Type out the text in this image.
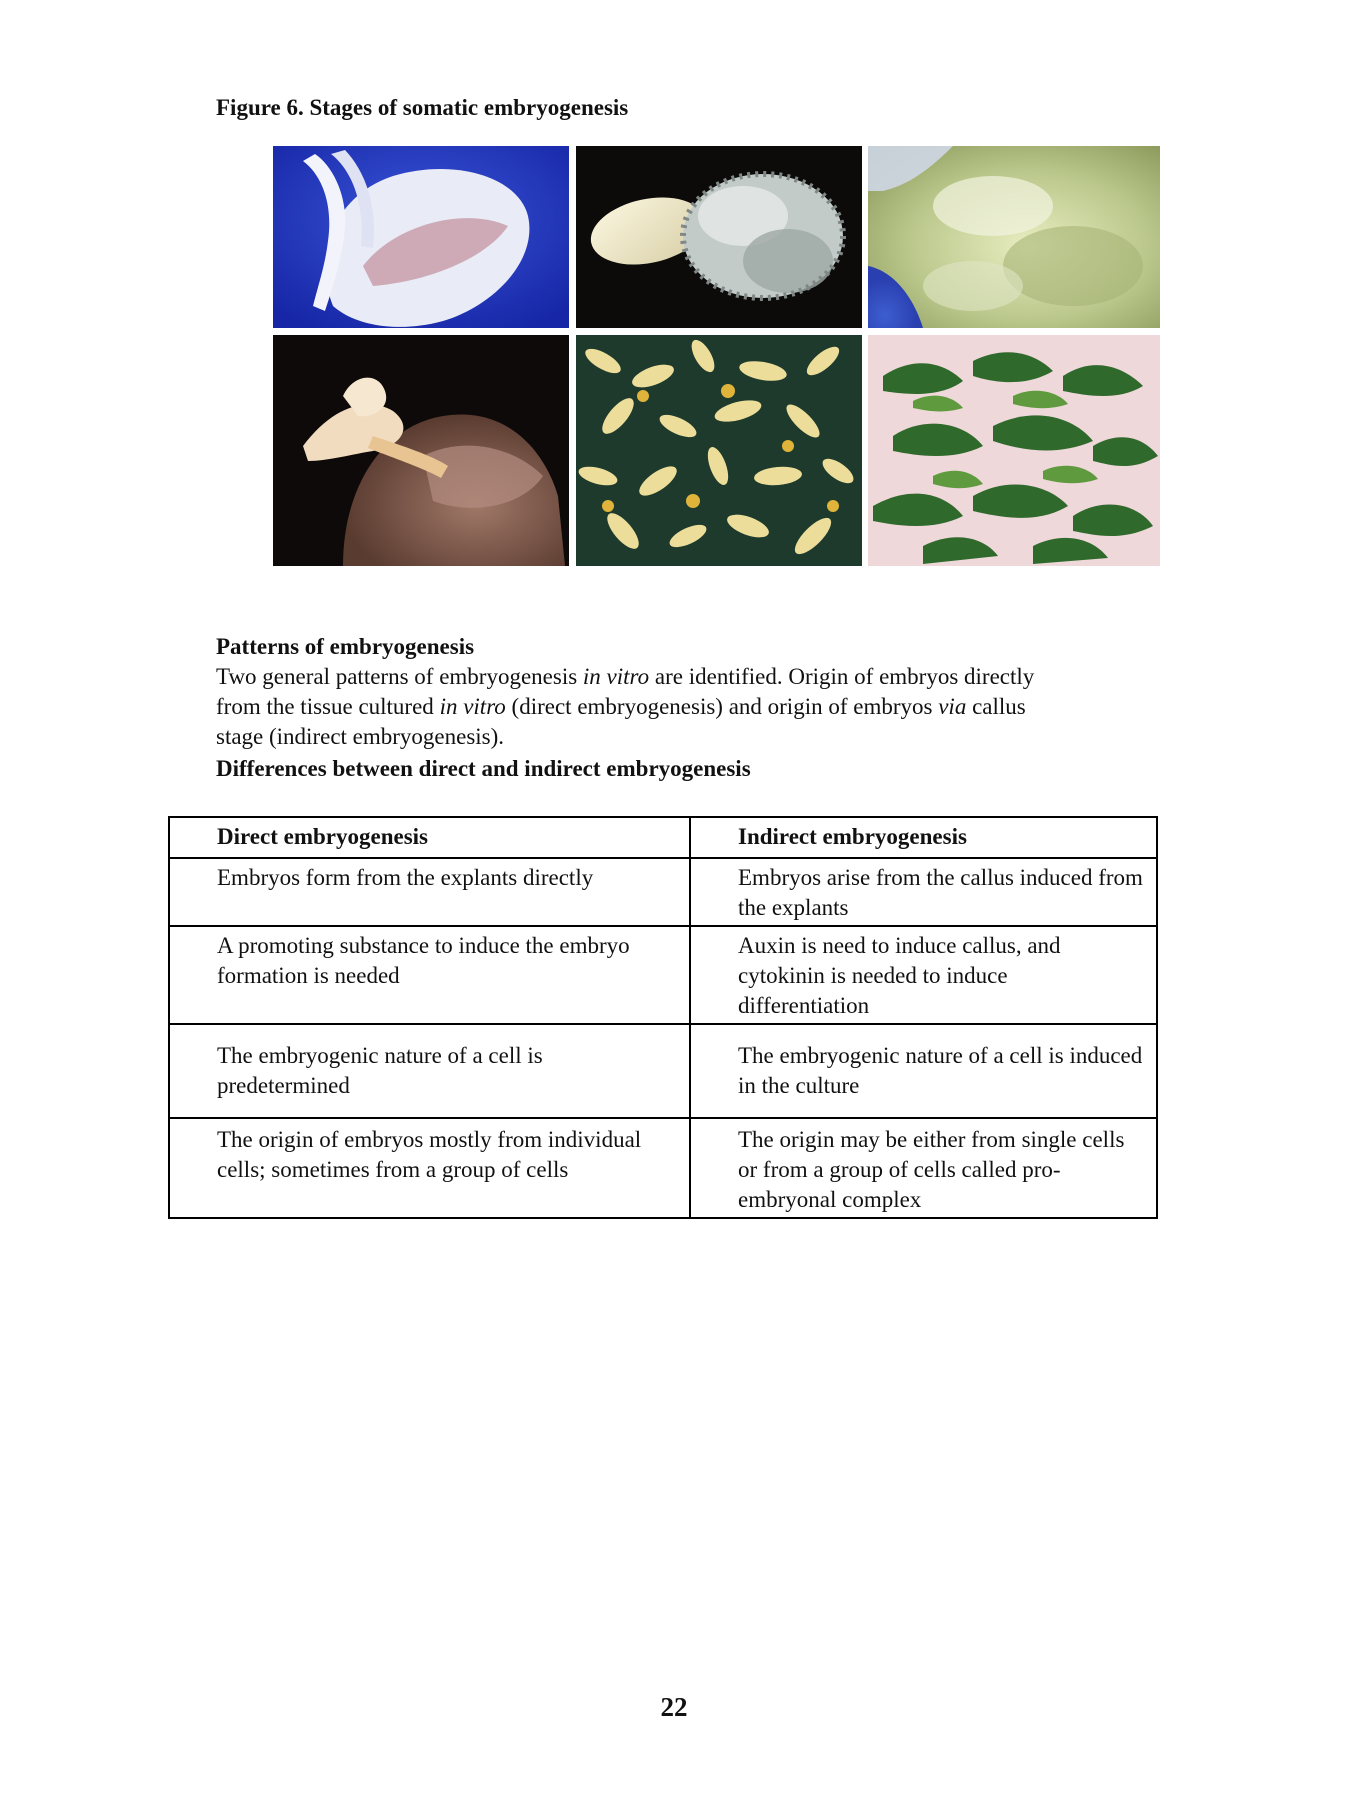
Figure 6. Stages of somatic embryogenesis
Patterns of embryogenesis

Two general patterns of embryogenesis in vitro are identified. Origin of embryos directly

from the tissue cultured in vitro (direct embryogenesis) and origin of embryos via callus

stage (indirect embryogenesis).

Differences between direct and indirect embryogenesis
Direct embryogenesis	Indirect embryogenesis
Embryos form from the explants directly	Embryos arise from the callus induced from the explants
A promoting substance to induce the embryo formation is needed	Auxin is need to induce callus, and cytokinin is needed to induce differentiation
The embryogenic nature of a cell is predetermined	The embryogenic nature of a cell is induced in the culture
The origin of embryos mostly from individual cells; sometimes from a group of cells	The origin may be either from single cells or from a group of cells called pro- embryonal complex
22
